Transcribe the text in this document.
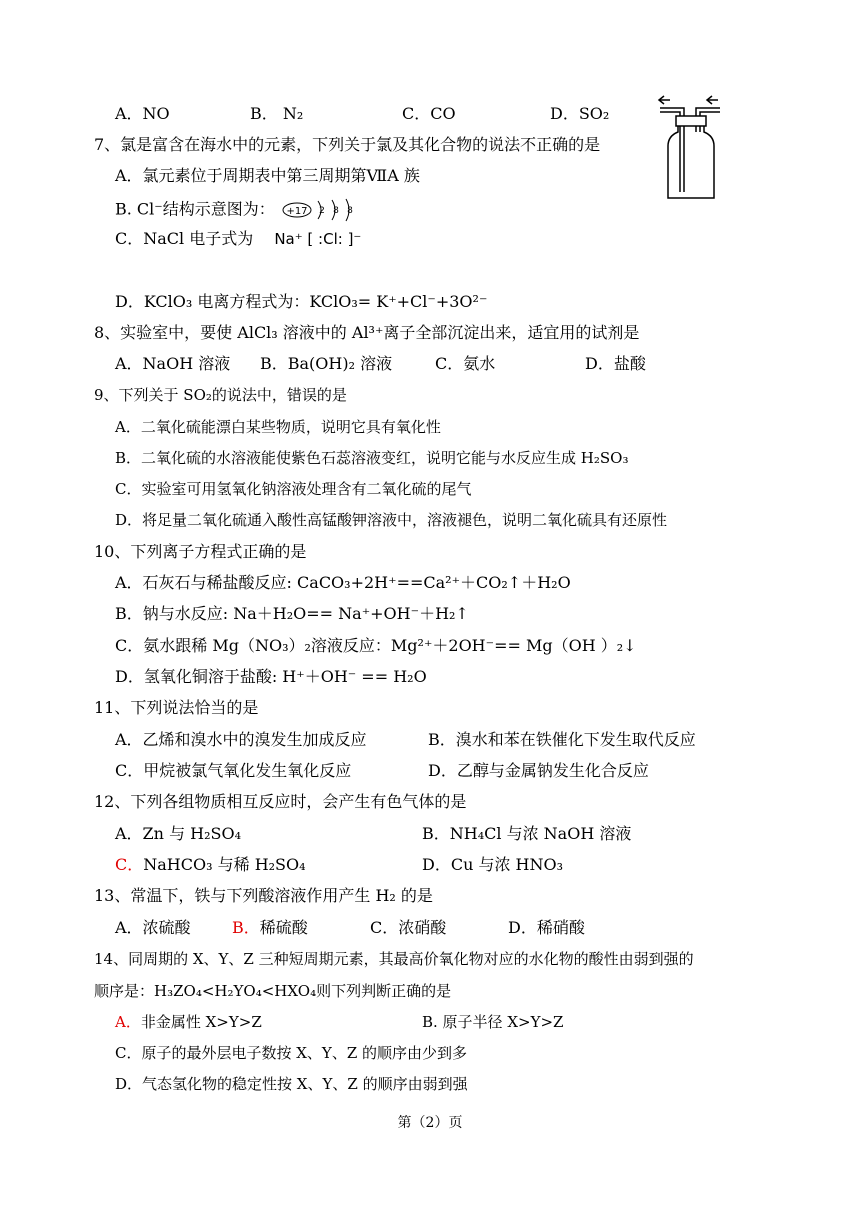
A．NO	B． N₂	C．CO	D．SO₂
7、氯是富含在海水中的元素，下列关于氯及其化合物的说法不正确的是
A．氯元素位于周期表中第三周期第ⅦA 族
B. Cl⁻结构示意图为： +17 2 8 8
C．NaCl 电子式为 Na⁺ [ :Cl: ]⁻
D．KClO₃ 电离方程式为：KClO₃= K⁺+Cl⁻+3O²⁻
8、实验室中，要使 AlCl₃ 溶液中的 Al³⁺离子全部沉淀出来，适宜用的试剂是
A．NaOH 溶液 B．Ba(OH)₂ 溶液	C．氨水	D．盐酸
9、下列关于 SO₂的说法中，错误的是
A．二氧化硫能漂白某些物质，说明它具有氧化性
B．二氧化硫的水溶液能使紫色石蕊溶液变红，说明它能与水反应生成 H₂SO₃
C．实验室可用氢氧化钠溶液处理含有二氧化硫的尾气
D．将足量二氧化硫通入酸性高锰酸钾溶液中，溶液褪色，说明二氧化硫具有还原性
10、下列离子方程式正确的是
A．石灰石与稀盐酸反应: CaCO₃+2H⁺==Ca²⁺＋CO₂↑＋H₂O
B．钠与水反应: Na＋H₂O== Na⁺+OH⁻＋H₂↑
C．氨水跟稀 Mg（NO₃）₂溶液反应：Mg²⁺＋2OH⁻== Mg（OH ）₂↓
D．氢氧化铜溶于盐酸: H⁺＋OH⁻ == H₂O
11、下列说法恰当的是
A．乙烯和溴水中的溴发生加成反应	B．溴水和苯在铁催化下发生取代反应
C．甲烷被氯气氧化发生氧化反应	D．乙醇与金属钠发生化合反应
12、下列各组物质相互反应时，会产生有色气体的是
A．Zn 与 H₂SO₄	B．NH₄Cl 与浓 NaOH 溶液
C．NaHCO₃ 与稀 H₂SO₄	D．Cu 与浓 HNO₃
13、常温下，铁与下列酸溶液作用产生 H₂ 的是
A．浓硫酸	B．稀硫酸	C．浓硝酸	D．稀硝酸
14、同周期的 X、Y、Z 三种短周期元素，其最高价氧化物对应的水化物的酸性由弱到强的
顺序是：H₃ZO₄<H₂YO₄<HXO₄则下列判断正确的是
A．非金属性 X>Y>Z	B. 原子半径 X>Y>Z
C．原子的最外层电子数按 X、Y、Z 的顺序由少到多
D．气态氢化物的稳定性按 X、Y、Z 的顺序由弱到强
第（2）页
